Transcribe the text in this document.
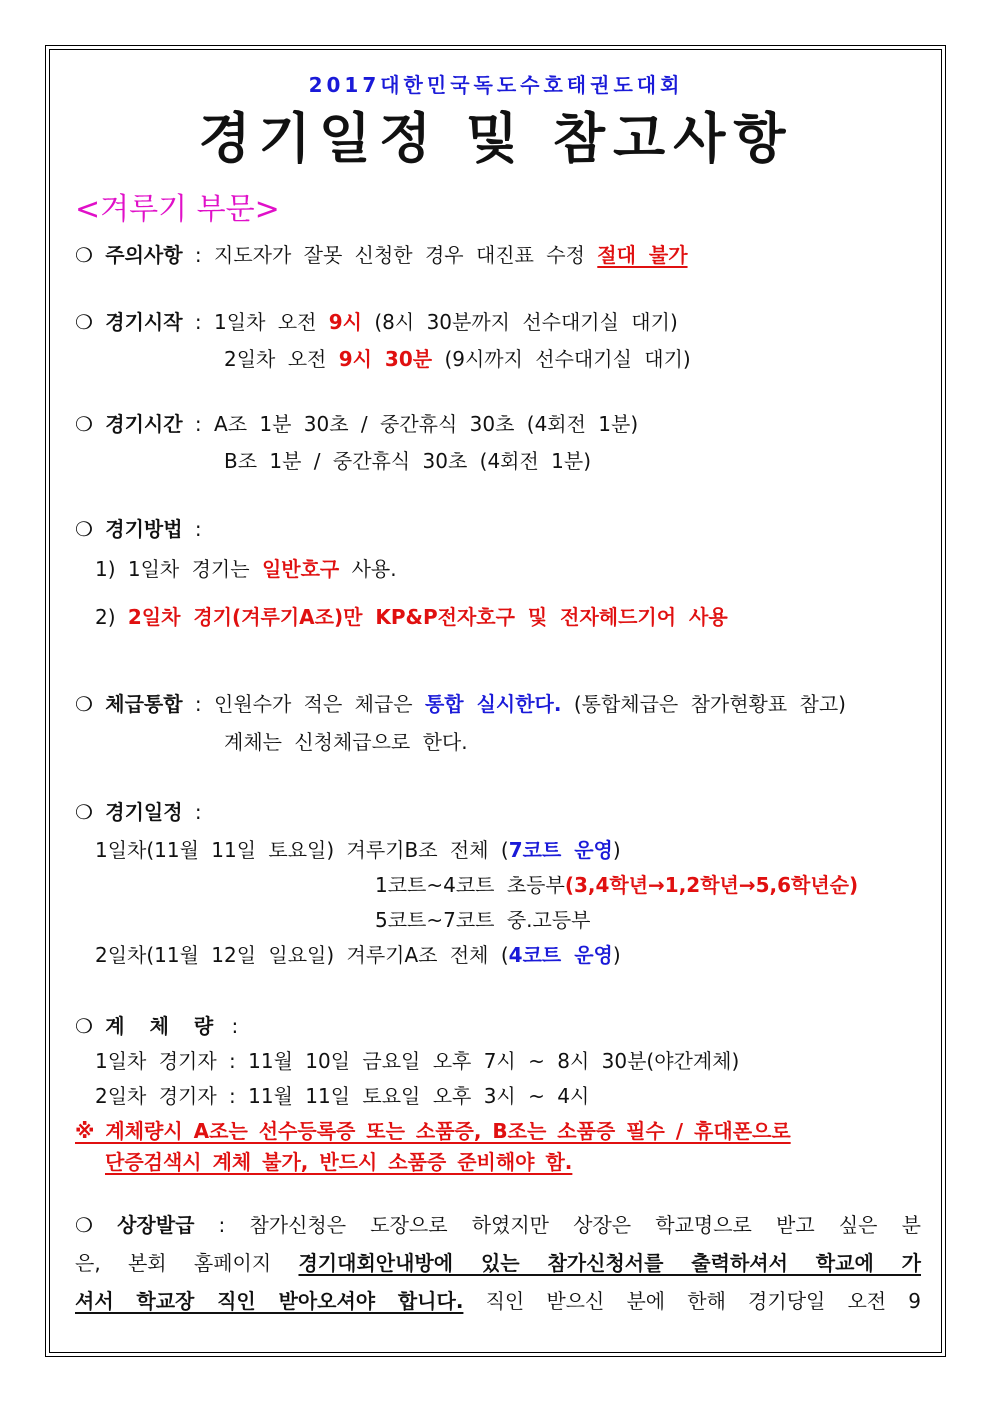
2017대한민국독도수호태권도대회
경기일정 및 참고사항
<겨루기 부문>
❍ 주의사항 : 지도자가 잘못 신청한 경우 대진표 수정 절대 불가
❍ 경기시작 : 1일차 오전 9시 (8시 30분까지 선수대기실 대기)
2일차 오전 9시 30분 (9시까지 선수대기실 대기)
❍ 경기시간 : A조 1분 30초 / 중간휴식 30초 (4회전 1분)
B조 1분 / 중간휴식 30초 (4회전 1분)
❍ 경기방법 :
1) 1일차 경기는 일반호구 사용.
2) 2일차 경기(겨루기A조)만 KP&P전자호구 및 전자헤드기어 사용
❍ 체급통합 : 인원수가 적은 체급은 통합 실시한다. (통합체급은 참가현황표 참고)
계체는 신청체급으로 한다.
❍ 경기일정 :
1일차(11월 11일 토요일) 겨루기B조 전체 (7코트 운영)
1코트~4코트 초등부(3,4학년→1,2학년→5,6학년순)
5코트~7코트 중.고등부
2일차(11월 12일 일요일) 겨루기A조 전체 (4코트 운영)
❍ 계 체 량 :
1일차 경기자 : 11월 10일 금요일 오후 7시 ~ 8시 30분(야간계체)
2일차 경기자 : 11월 11일 토요일 오후 3시 ~ 4시
※ 계체량시 A조는 선수등록증 또는 소품증, B조는 소품증 필수 / 휴대폰으로
단증검색시 계체 불가, 반드시 소품증 준비해야 함.
❍ 상장발급 : 참가신청은 도장으로 하였지만 상장은 학교명으로 받고 싶은 분
은, 본회 홈페이지 경기대회안내방에 있는 참가신청서를 출력하셔서 학교에 가
셔서 학교장 직인 받아오셔야 합니다. 직인 받으신 분에 한해 경기당일 오전 9
